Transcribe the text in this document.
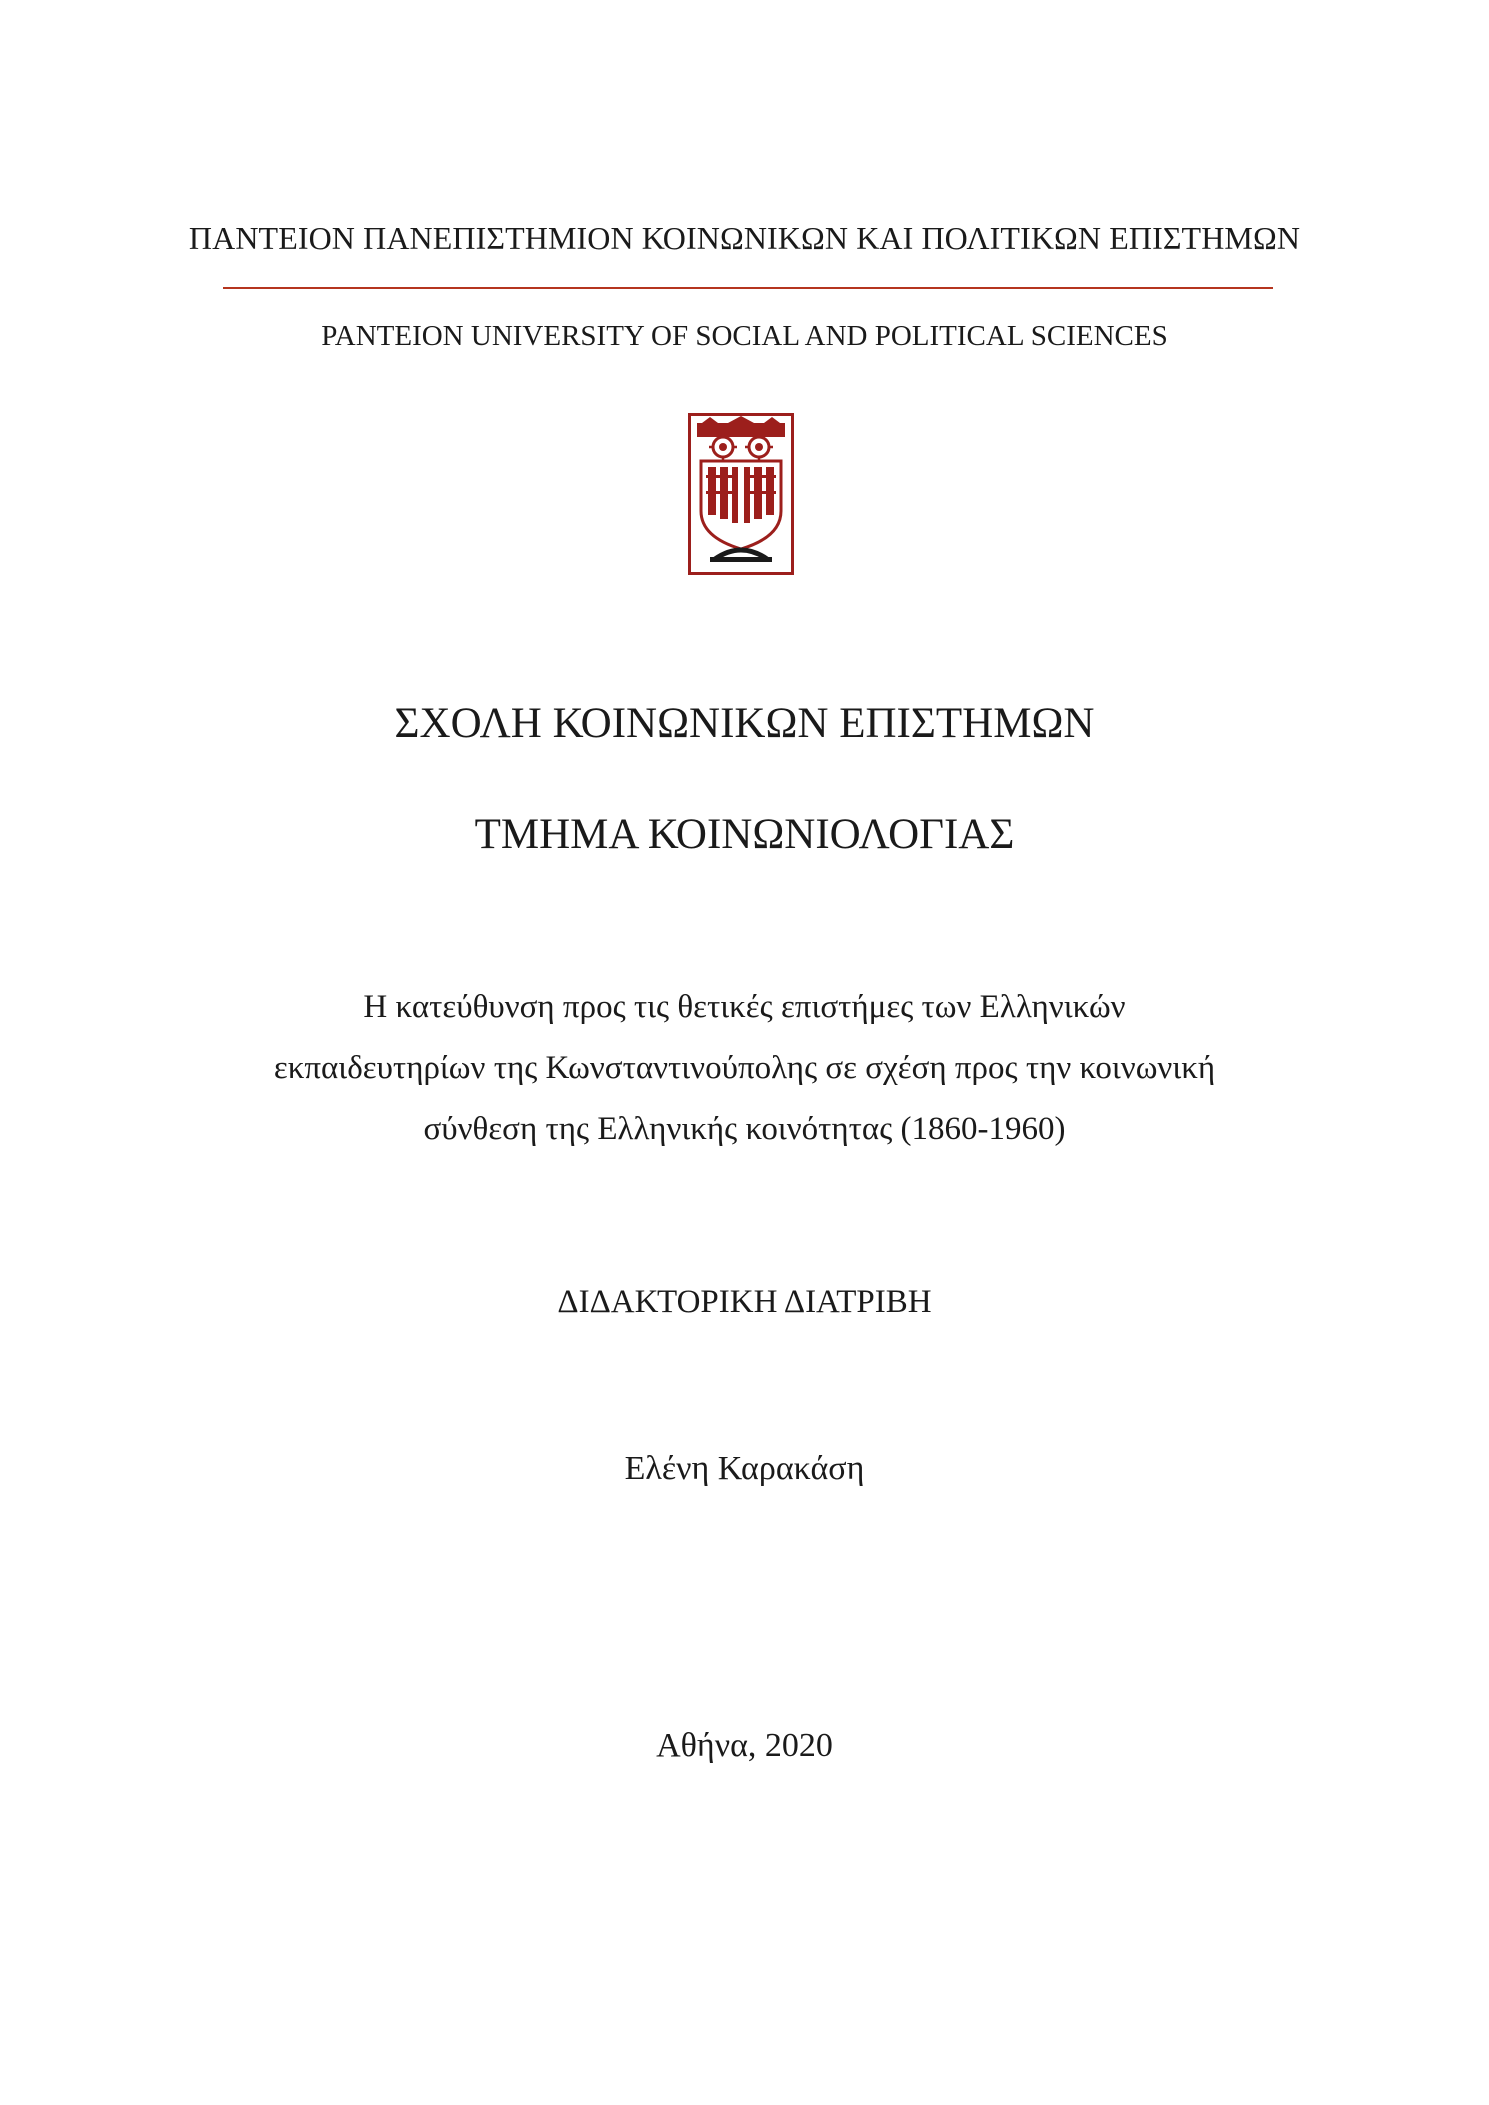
ΠΑΝΤΕΙΟΝ ΠΑΝΕΠΙΣΤΗΜΙΟΝ ΚΟΙΝΩΝΙΚΩΝ ΚΑΙ ΠΟΛΙΤΙΚΩΝ ΕΠΙΣΤΗΜΩΝ
PANTEION UNIVERSITY OF SOCIAL AND POLITICAL SCIENCES
ΣΧΟΛΗ ΚΟΙΝΩΝΙΚΩΝ ΕΠΙΣΤΗΜΩΝ
ΤΜΗΜΑ ΚΟΙΝΩΝΙΟΛΟΓΙΑΣ
Η κατεύθυνση προς τις θετικές επιστήμες των Ελληνικών
εκπαιδευτηρίων της Κωνσταντινούπολης σε σχέση προς την κοινωνική
σύνθεση της Ελληνικής κοινότητας (1860-1960)
ΔΙΔΑΚΤΟΡΙΚΗ ΔΙΑΤΡΙΒΗ
Ελένη Καρακάση
Αθήνα, 2020
